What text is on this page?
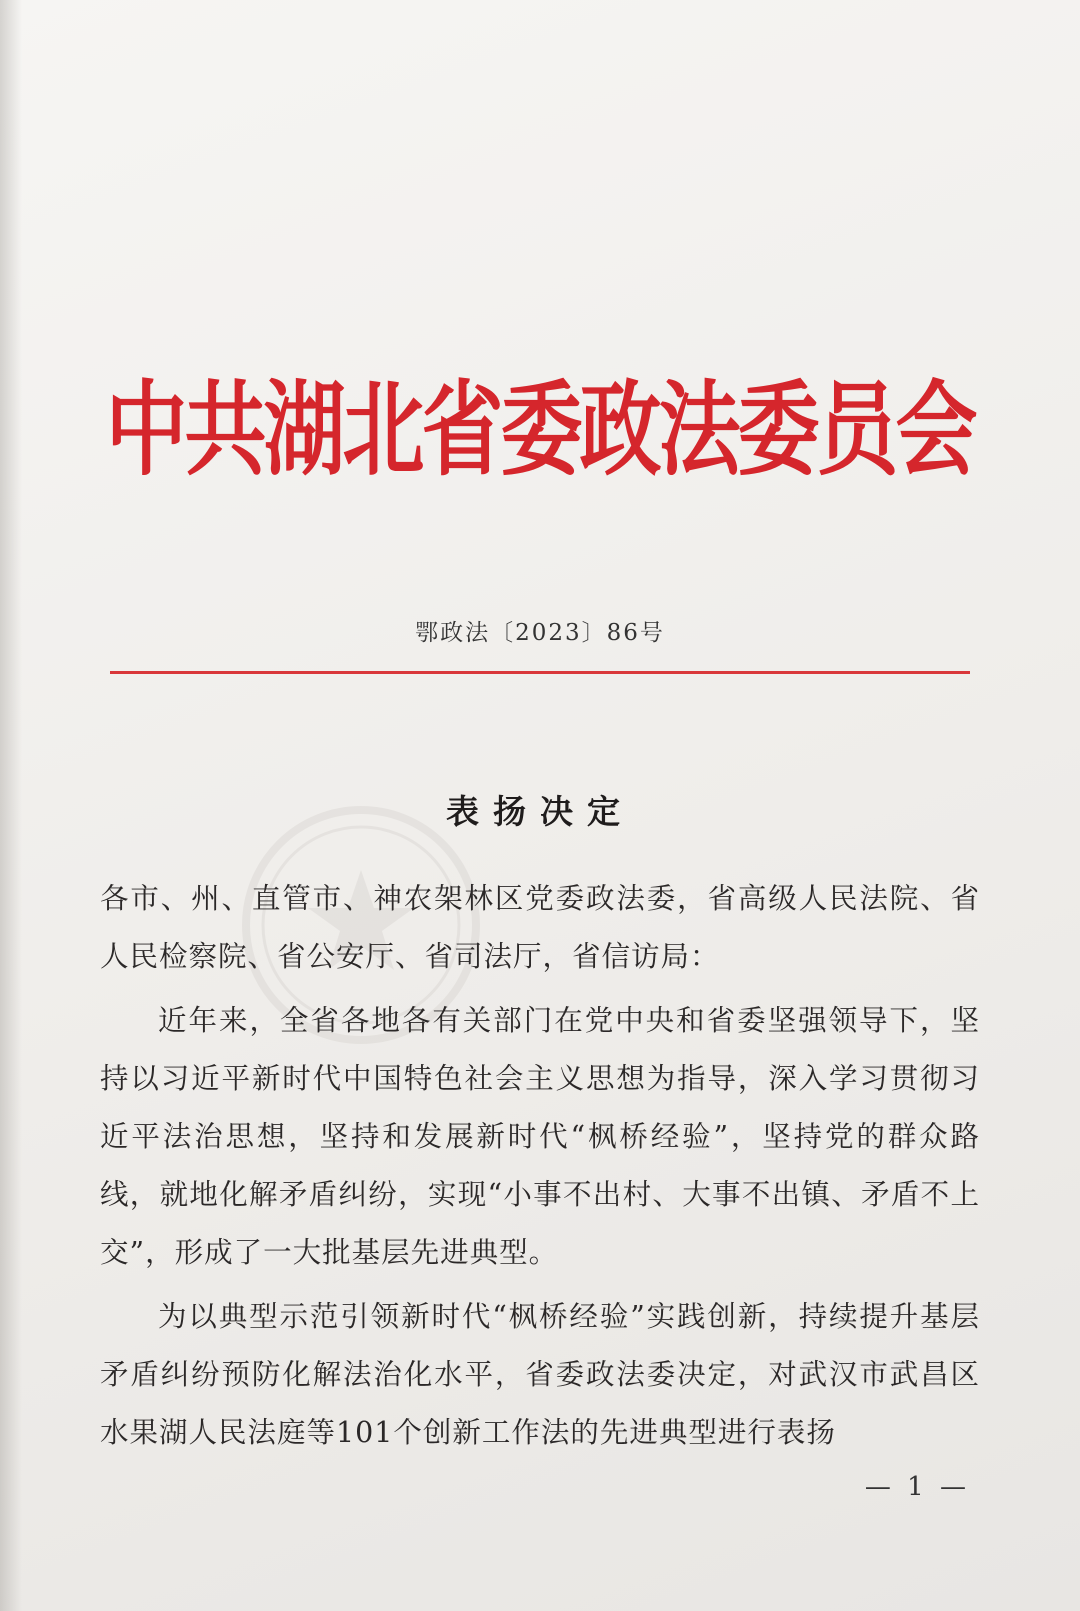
中共湖北省委政法委员会
鄂政法〔2023〕86号
表扬决定

各市、州、直管市、神农架林区党委政法委，省高级人民法院、省人民检察院、省公安厅、省司法厅，省信访局：

近年来，全省各地各有关部门在党中央和省委坚强领导下，坚持以习近平新时代中国特色社会主义思想为指导，深入学习贯彻习近平法治思想，坚持和发展新时代“枫桥经验”，坚持党的群众路线，就地化解矛盾纠纷，实现“小事不出村、大事不出镇、矛盾不上交”，形成了一大批基层先进典型。

为以典型示范引领新时代“枫桥经验”实践创新，持续提升基层矛盾纠纷预防化解法治化水平，省委政法委决定，对武汉市武昌区水果湖人民法庭等101个创新工作法的先进典型进行表扬

— 1 —
